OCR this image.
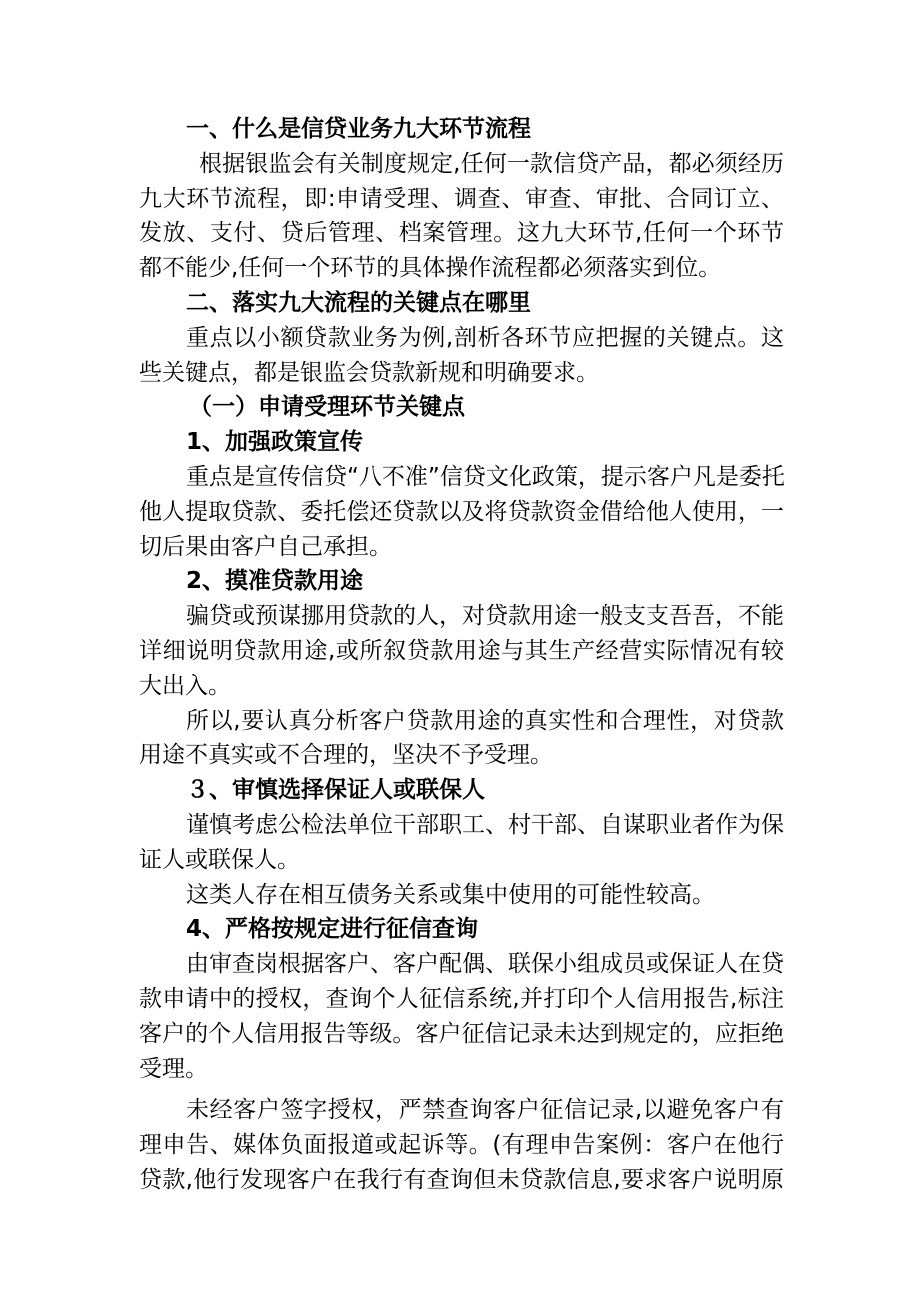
一、什么是信贷业务九大环节流程
根据银监会有关制度规定,任何一款信贷产品，都必须经历
九大环节流程，即:申请受理、调查、审查、审批、合同订立、
发放、支付、贷后管理、档案管理。这九大环节,任何一个环节
都不能少,任何一个环节的具体操作流程都必须落实到位。
二、落实九大流程的关键点在哪里
重点以小额贷款业务为例,剖析各环节应把握的关键点。这
些关键点，都是银监会贷款新规和明确要求。
（一）申请受理环节关键点
1、加强政策宣传
重点是宣传信贷“八不准”信贷文化政策，提示客户凡是委托
他人提取贷款、委托偿还贷款以及将贷款资金借给他人使用，一
切后果由客户自己承担。
2、摸准贷款用途
骗贷或预谋挪用贷款的人，对贷款用途一般支支吾吾，不能
详细说明贷款用途,或所叙贷款用途与其生产经营实际情况有较
大出入。
所以,要认真分析客户贷款用途的真实性和合理性，对贷款
用途不真实或不合理的，坚决不予受理。
３、审慎选择保证人或联保人
谨慎考虑公检法单位干部职工、村干部、自谋职业者作为保
证人或联保人。
这类人存在相互债务关系或集中使用的可能性较高。
4、严格按规定进行征信查询
由审查岗根据客户、客户配偶、联保小组成员或保证人在贷
款申请中的授权，查询个人征信系统,并打印个人信用报告,标注
客户的个人信用报告等级。客户征信记录未达到规定的，应拒绝
受理。
未经客户签字授权，严禁查询客户征信记录,以避免客户有
理申告、媒体负面报道或起诉等。(有理申告案例：客户在他行
贷款,他行发现客户在我行有查询但未贷款信息,要求客户说明原
